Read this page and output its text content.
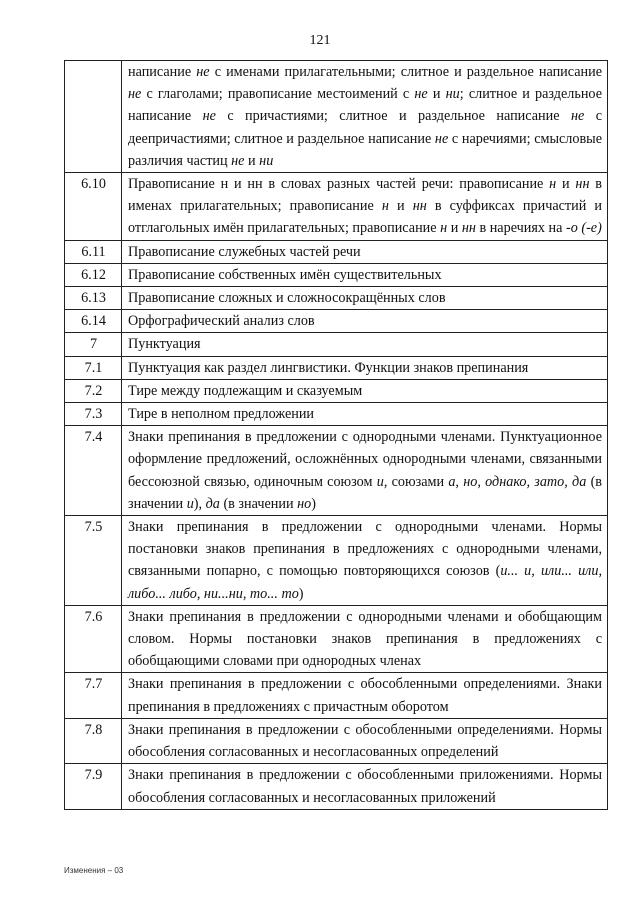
121
	написание не с именами прилагательными; слитное и раздельное написание не с глаголами; правописание местоимений с не и ни; слитное и раздельное написание не с причастиями; слитное и раздельное написание не с деепричастиями; слитное и раздельное написание не с наречиями; смысловые различия частиц не и ни
6.10	Правописание н и нн в словах разных частей речи: правописание н и нн в именах прилагательных; правописание н и нн в суффиксах причастий и отглагольных имён прилагательных; правописание н и нн в наречиях на -о (-е)
6.11	Правописание служебных частей речи
6.12	Правописание собственных имён существительных
6.13	Правописание сложных и сложносокращённых слов
6.14	Орфографический анализ слов
7	Пунктуация
7.1	Пунктуация как раздел лингвистики. Функции знаков препинания
7.2	Тире между подлежащим и сказуемым
7.3	Тире в неполном предложении
7.4	Знаки препинания в предложении с однородными членами. Пунктуационное оформление предложений, осложнённых однородными членами, связанными бессоюзной связью, одиночным союзом и, союзами а, но, однако, зато, да (в значении и), да (в значении но)
7.5	Знаки препинания в предложении с однородными членами. Нормы постановки знаков препинания в предложениях с однородными членами, связанными попарно, с помощью повторяющихся союзов (и... и, или... или, либо... либо, ни...ни, то... то)
7.6	Знаки препинания в предложении с однородными членами и обобщающим словом. Нормы постановки знаков препинания в предложениях с обобщающими словами при однородных членах
7.7	Знаки препинания в предложении с обособленными определениями. Знаки препинания в предложениях с причастным оборотом
7.8	Знаки препинания в предложении с обособленными определениями. Нормы обособления согласованных и несогласованных определений
7.9	Знаки препинания в предложении с обособленными приложениями. Нормы обособления согласованных и несогласованных приложений
Изменения – 03
